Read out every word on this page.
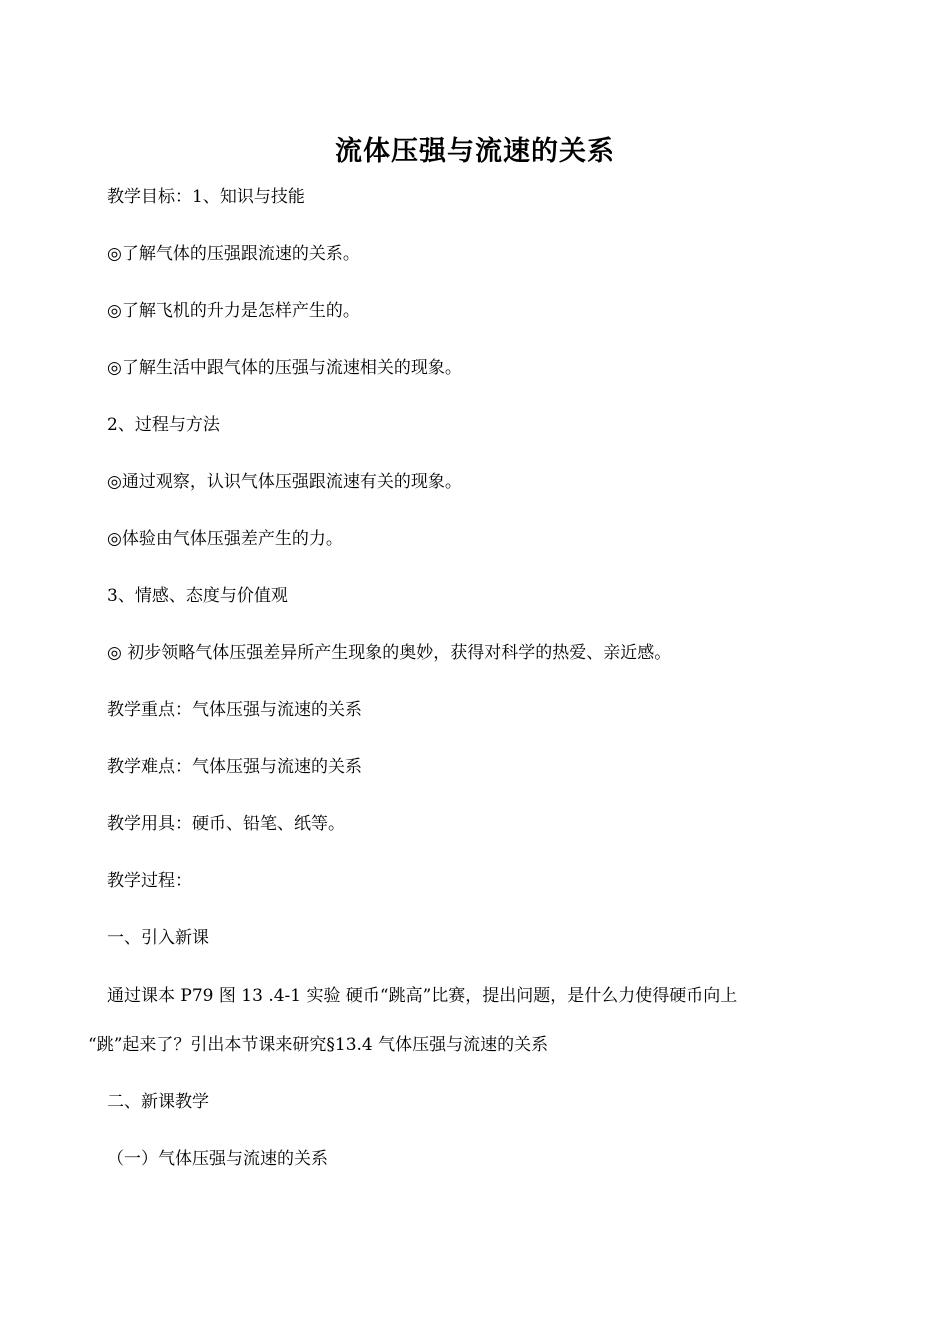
流体压强与流速的关系
教学目标：1、知识与技能
◎了解气体的压强跟流速的关系。
◎了解飞机的升力是怎样产生的。
◎了解生活中跟气体的压强与流速相关的现象。
2、过程与方法
◎通过观察，认识气体压强跟流速有关的现象。
◎体验由气体压强差产生的力。
3、情感、态度与价值观
◎ 初步领略气体压强差异所产生现象的奥妙，获得对科学的热爱、亲近感。
教学重点：气体压强与流速的关系
教学难点：气体压强与流速的关系
教学用具：硬币、铅笔、纸等。
教学过程：
一、引入新课
通过课本 P79 图 13 .4-1 实验 硬币“跳高”比赛，提出问题，是什么力使得硬币向上
“跳”起来了？引出本节课来研究§13.4 气体压强与流速的关系
二、新课教学
（一）气体压强与流速的关系
